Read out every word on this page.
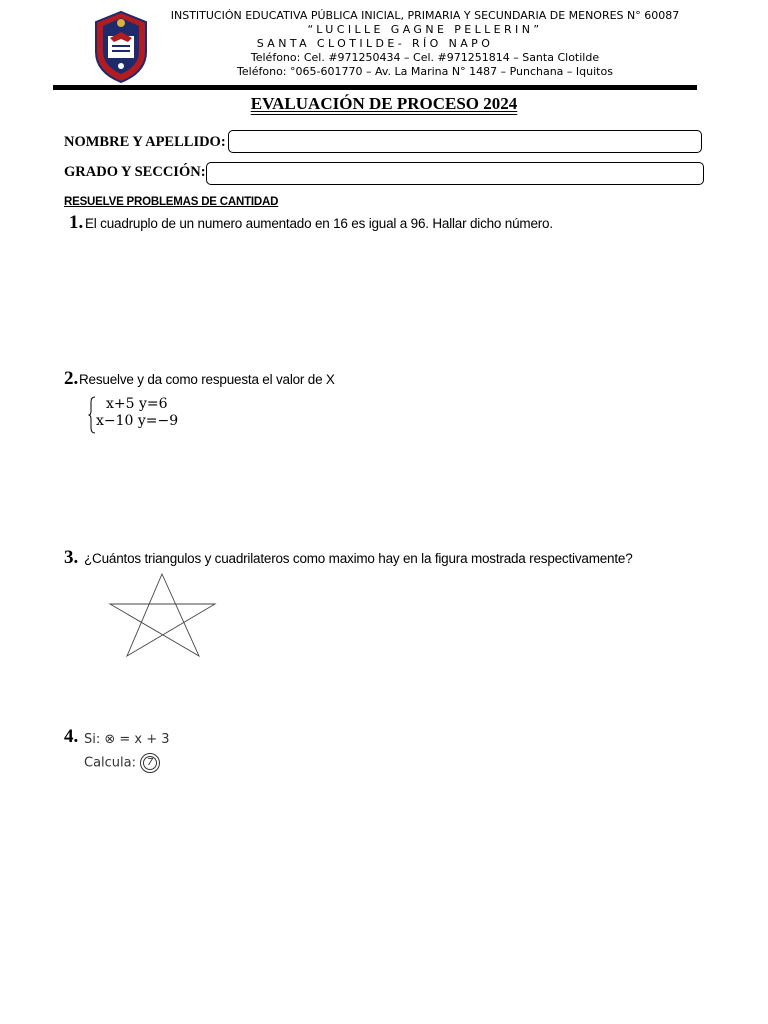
INSTITUCIÓN EDUCATIVA PÚBLICA INICIAL, PRIMARIA Y SECUNDARIA DE MENORES N° 60087
“LUCILLE GAGNE PELLERIN”
SANTA CLOTILDE- RÍO NAPO
Teléfono: Cel. #971250434 – Cel. #971251814 – Santa Clotilde
Teléfono: °065-601770 – Av. La Marina N° 1487 – Punchana – Iquitos
EVALUACIÓN DE PROCESO 2024
NOMBRE Y APELLIDO:
GRADO Y SECCIÓN:
RESUELVE PROBLEMAS DE CANTIDAD
1. El cuadruplo de un numero aumentado en 16 es igual a 96. Hallar dicho número.
2. Resuelve y da como respuesta el valor de X
x+5 y=6
x−10 y=−9
3. ¿Cuántos triangulos y cuadrilateros como maximo hay en la figura mostrada respectivamente?
4. Si: ⊗ = x + 3
Calcula:	7
